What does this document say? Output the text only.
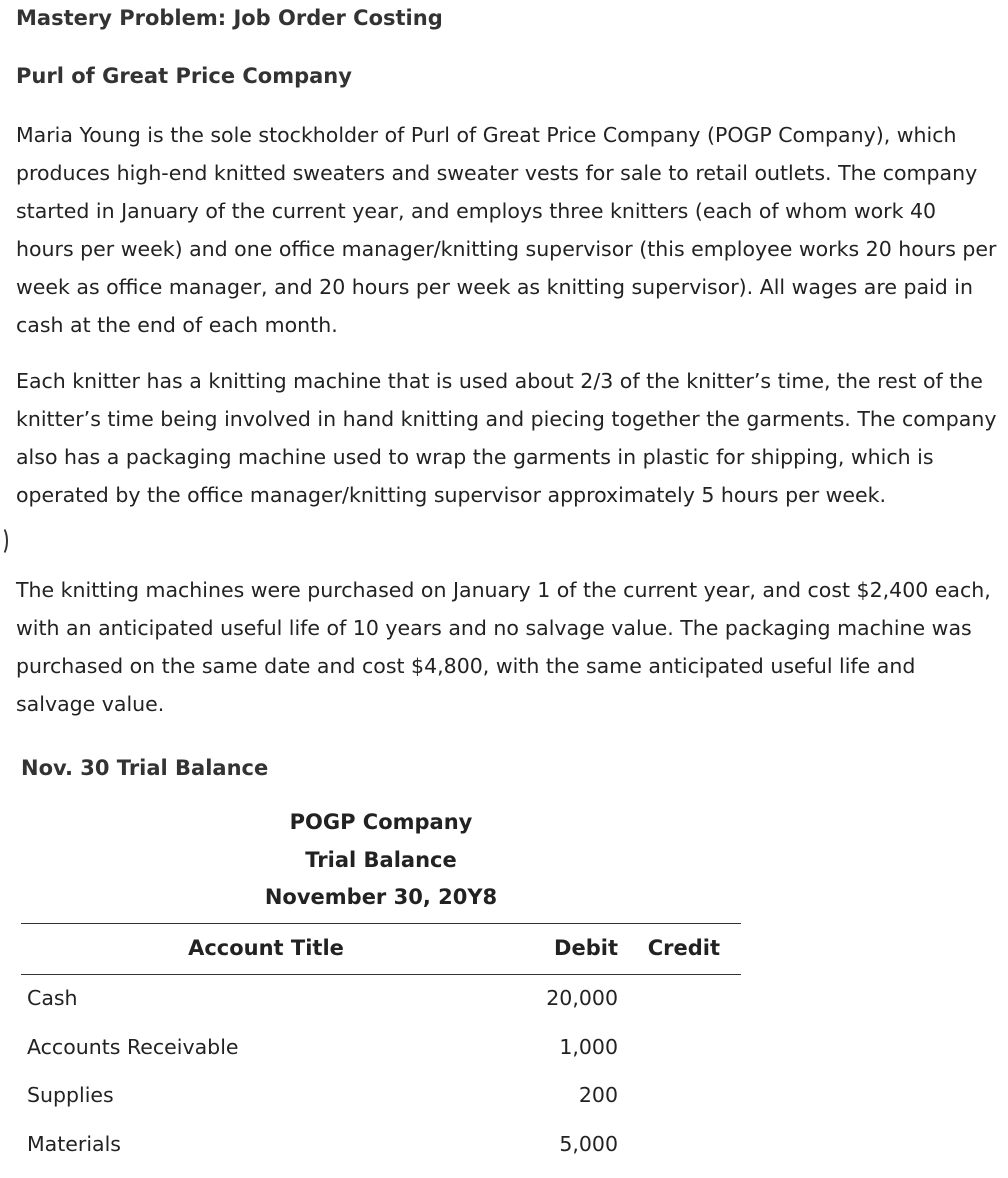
Mastery Problem: Job Order Costing
Purl of Great Price Company

Maria Young is the sole stockholder of Purl of Great Price Company (POGP Company), which produces high-end knitted sweaters and sweater vests for sale to retail outlets. The company started in January of the current year, and employs three knitters (each of whom work 40 hours per week) and one office manager/knitting supervisor (this employee works 20 hours per week as office manager, and 20 hours per week as knitting supervisor). All wages are paid in cash at the end of each month.

Each knitter has a knitting machine that is used about 2/3 of the knitter’s time, the rest of the knitter’s time being involved in hand knitting and piecing together the garments. The company also has a packaging machine used to wrap the garments in plastic for shipping, which is operated by the office manager/knitting supervisor approximately 5 hours per week.

The knitting machines were purchased on January 1 of the current year, and cost $2,400 each, with an anticipated useful life of 10 years and no salvage value. The packaging machine was purchased on the same date and cost $4,800, with the same anticipated useful life and salvage value.

Nov. 30 Trial Balance
POGP Company
Trial Balance
November 30, 20Y8
Account Title	Debit	Credit
Cash	20,000
Accounts Receivable	1,000
Supplies	200
Materials	5,000
